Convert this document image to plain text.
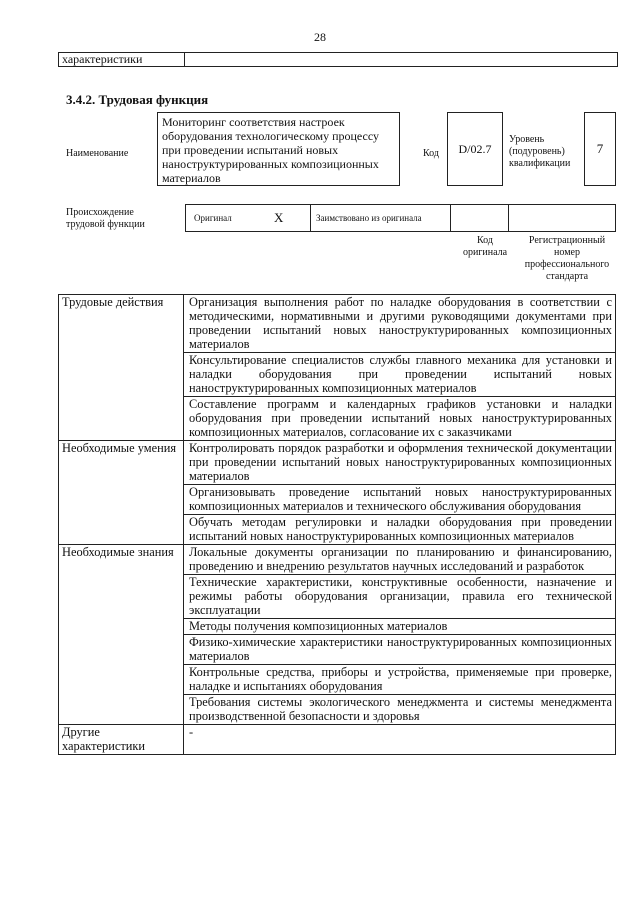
28
характеристики
3.4.2. Трудовая функция
Наименование
Мониторинг соответствия настроек оборудования технологическому процессу при проведении испытаний новых наноструктурированных композиционных материалов
Код	D/02.7
Уровень (подуровень) квалификации
7
Происхождение трудовой функции
Оригинал	X	Заимствовано из оригинала
Код оригинала
Регистрационный номер профессионального стандарта
Трудовые действия	Организация выполнения работ по наладке оборудования в соответствии с методическими, нормативными и другими руководящими документами при проведении испытаний новых наноструктурированных композиционных материалов
	Консультирование специалистов службы главного механика для установки и наладки оборудования при проведении испытаний новых наноструктурированных композиционных материалов
	Составление программ и календарных графиков установки и наладки оборудования при проведении испытаний новых наноструктурированных композиционных материалов, согласование их с заказчиками
Необходимые умения	Контролировать порядок разработки и оформления технической документации при проведении испытаний новых наноструктурированных композиционных материалов
	Организовывать проведение испытаний новых наноструктурированных композиционных материалов и технического обслуживания оборудования
	Обучать методам регулировки и наладки оборудования при проведении испытаний новых наноструктурированных композиционных материалов
Необходимые знания	Локальные документы организации по планированию и финансированию, проведению и внедрению результатов научных исследований и разработок
	Технические характеристики, конструктивные особенности, назначение и режимы работы оборудования организации, правила его технической эксплуатации
	Методы получения композиционных материалов
	Физико-химические характеристики наноструктурированных композиционных материалов
	Контрольные средства, приборы и устройства, применяемые при проверке, наладке и испытаниях оборудования
	Требования системы экологического менеджмента и системы менеджмента производственной безопасности и здоровья
Другие характеристики	-
